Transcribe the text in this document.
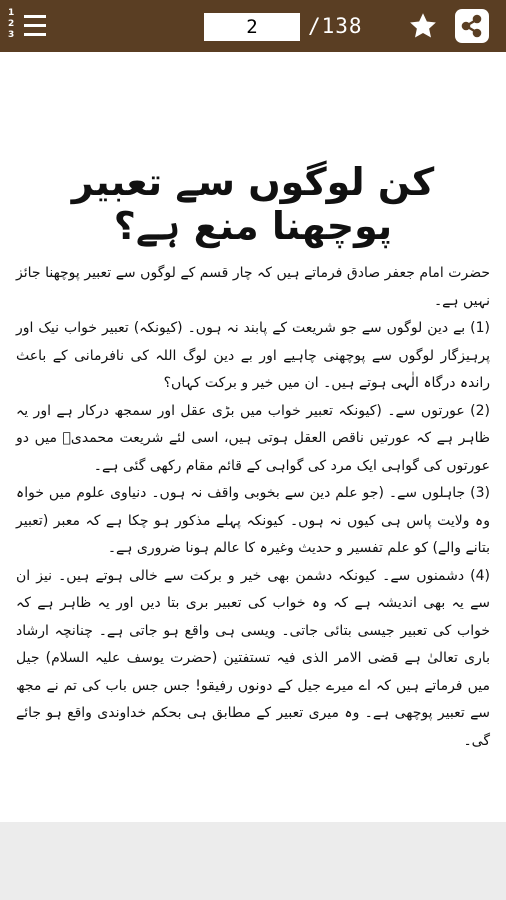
1
2
3
2	/138
کن لوگوں سے تعبیر پوچھنا منع ہے؟

حضرت امام جعفر صادق فرماتے ہیں کہ چار قسم کے لوگوں سے تعبیر پوچھنا جائز نہیں ہے۔

(1) بے دین لوگوں سے جو شریعت کے پابند نہ ہوں۔ (کیونکہ) تعبیر خواب نیک اور پرہیزگار لوگوں سے پوچھنی چاہیے اور بے دین لوگ اللہ کی نافرمانی کے باعث راندہ درگاہ الٰہی ہوتے ہیں۔ ان میں خیر و برکت کہاں؟

(2) عورتوں سے۔ (کیونکہ تعبیر خواب میں بڑی عقل اور سمجھ درکار ہے اور یہ ظاہر ہے کہ عورتیں ناقص العقل ہوتی ہیں، اسی لئے شریعت محمدیؐ میں دو عورتوں کی گواہی ایک مرد کی گواہی کے قائم مقام رکھی گئی ہے۔

(3) جاہلوں سے۔ (جو علم دین سے بخوبی واقف نہ ہوں۔ دنیاوی علوم میں خواہ وہ ولایت پاس ہی کیوں نہ ہوں۔ کیونکہ پہلے مذکور ہو چکا ہے کہ معبر (تعبیر بتانے والے) کو علم تفسیر و حدیث وغیرہ کا عالم ہونا ضروری ہے۔

(4) دشمنوں سے۔ کیونکہ دشمن بھی خیر و برکت سے خالی ہوتے ہیں۔ نیز ان سے یہ بھی اندیشہ ہے کہ وہ خواب کی تعبیر بری بتا دیں اور یہ ظاہر ہے کہ خواب کی تعبیر جیسی بتائی جاتی۔ ویسی ہی واقع ہو جاتی ہے۔ چنانچہ ارشاد باری تعالیٰ ہے قضی الامر الذی فیہ تستفتین (حضرت یوسف علیہ السلام) جیل میں فرماتے ہیں کہ اے میرے جیل کے دونوں رفیقو! جس جس باب کی تم نے مجھ سے تعبیر پوچھی ہے۔ وہ میری تعبیر کے مطابق ہی بحکم خداوندی واقع ہو جائے گی۔
